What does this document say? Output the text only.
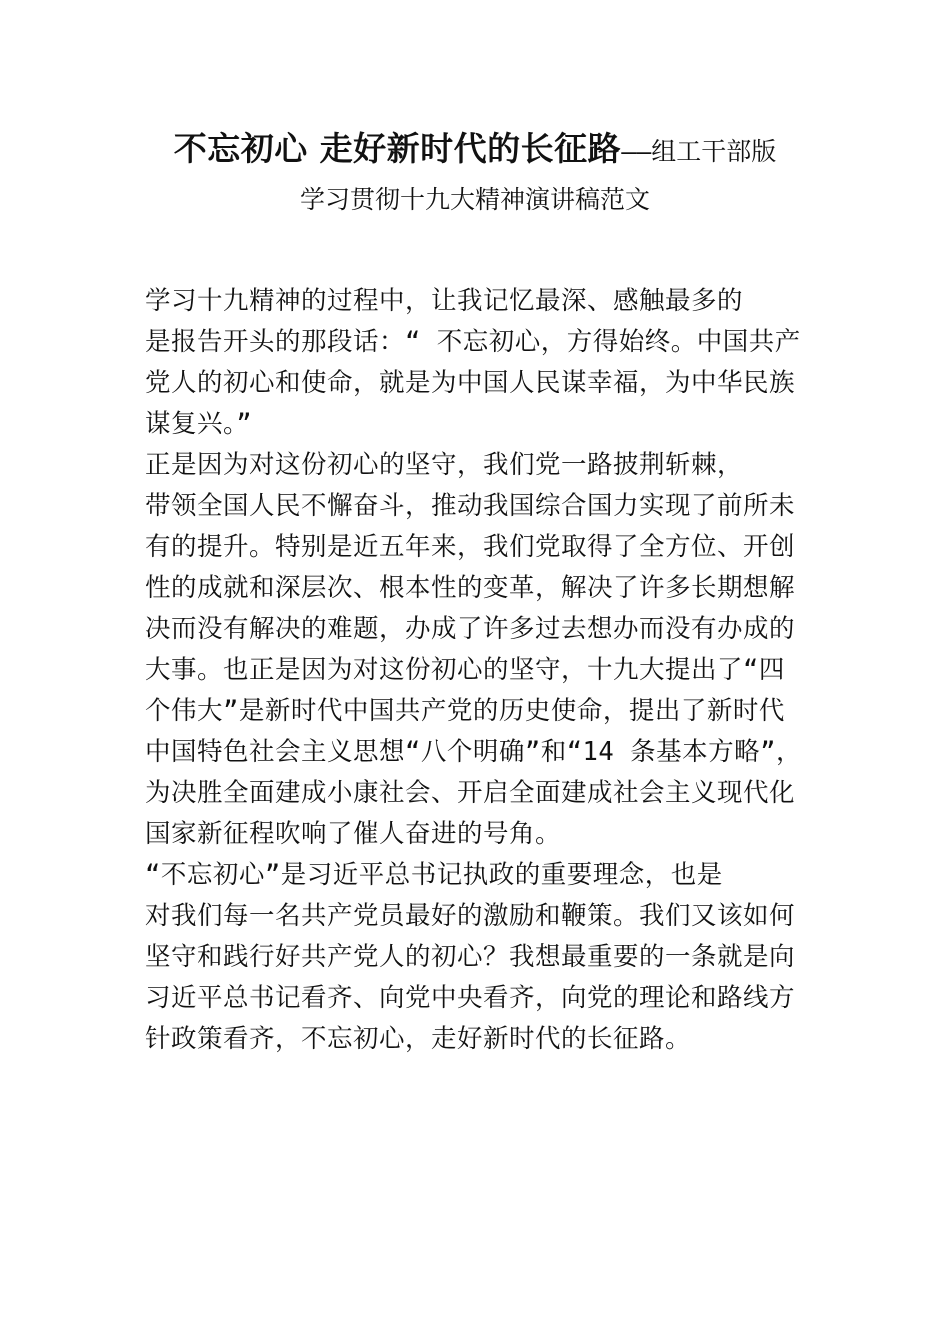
不忘初心 走好新时代的长征路——组工干部版
学习贯彻十九大精神演讲稿范文
学习十九精神的过程中，让我记忆最深、感触最多的
是报告开头的那段话：“ 不忘初心，方得始终。中国共产
党人的初心和使命，就是为中国人民谋幸福，为中华民族
谋复兴。”
正是因为对这份初心的坚守，我们党一路披荆斩棘，
带领全国人民不懈奋斗，推动我国综合国力实现了前所未
有的提升。特别是近五年来，我们党取得了全方位、开创
性的成就和深层次、根本性的变革，解决了许多长期想解
决而没有解决的难题，办成了许多过去想办而没有办成的
大事。也正是因为对这份初心的坚守，十九大提出了“四
个伟大”是新时代中国共产党的历史使命，提出了新时代
中国特色社会主义思想“八个明确”和“14 条基本方略”，
为决胜全面建成小康社会、开启全面建成社会主义现代化
国家新征程吹响了催人奋进的号角。
“不忘初心”是习近平总书记执政的重要理念，也是
对我们每一名共产党员最好的激励和鞭策。我们又该如何
坚守和践行好共产党人的初心？我想最重要的一条就是向
习近平总书记看齐、向党中央看齐，向党的理论和路线方
针政策看齐，不忘初心，走好新时代的长征路。
